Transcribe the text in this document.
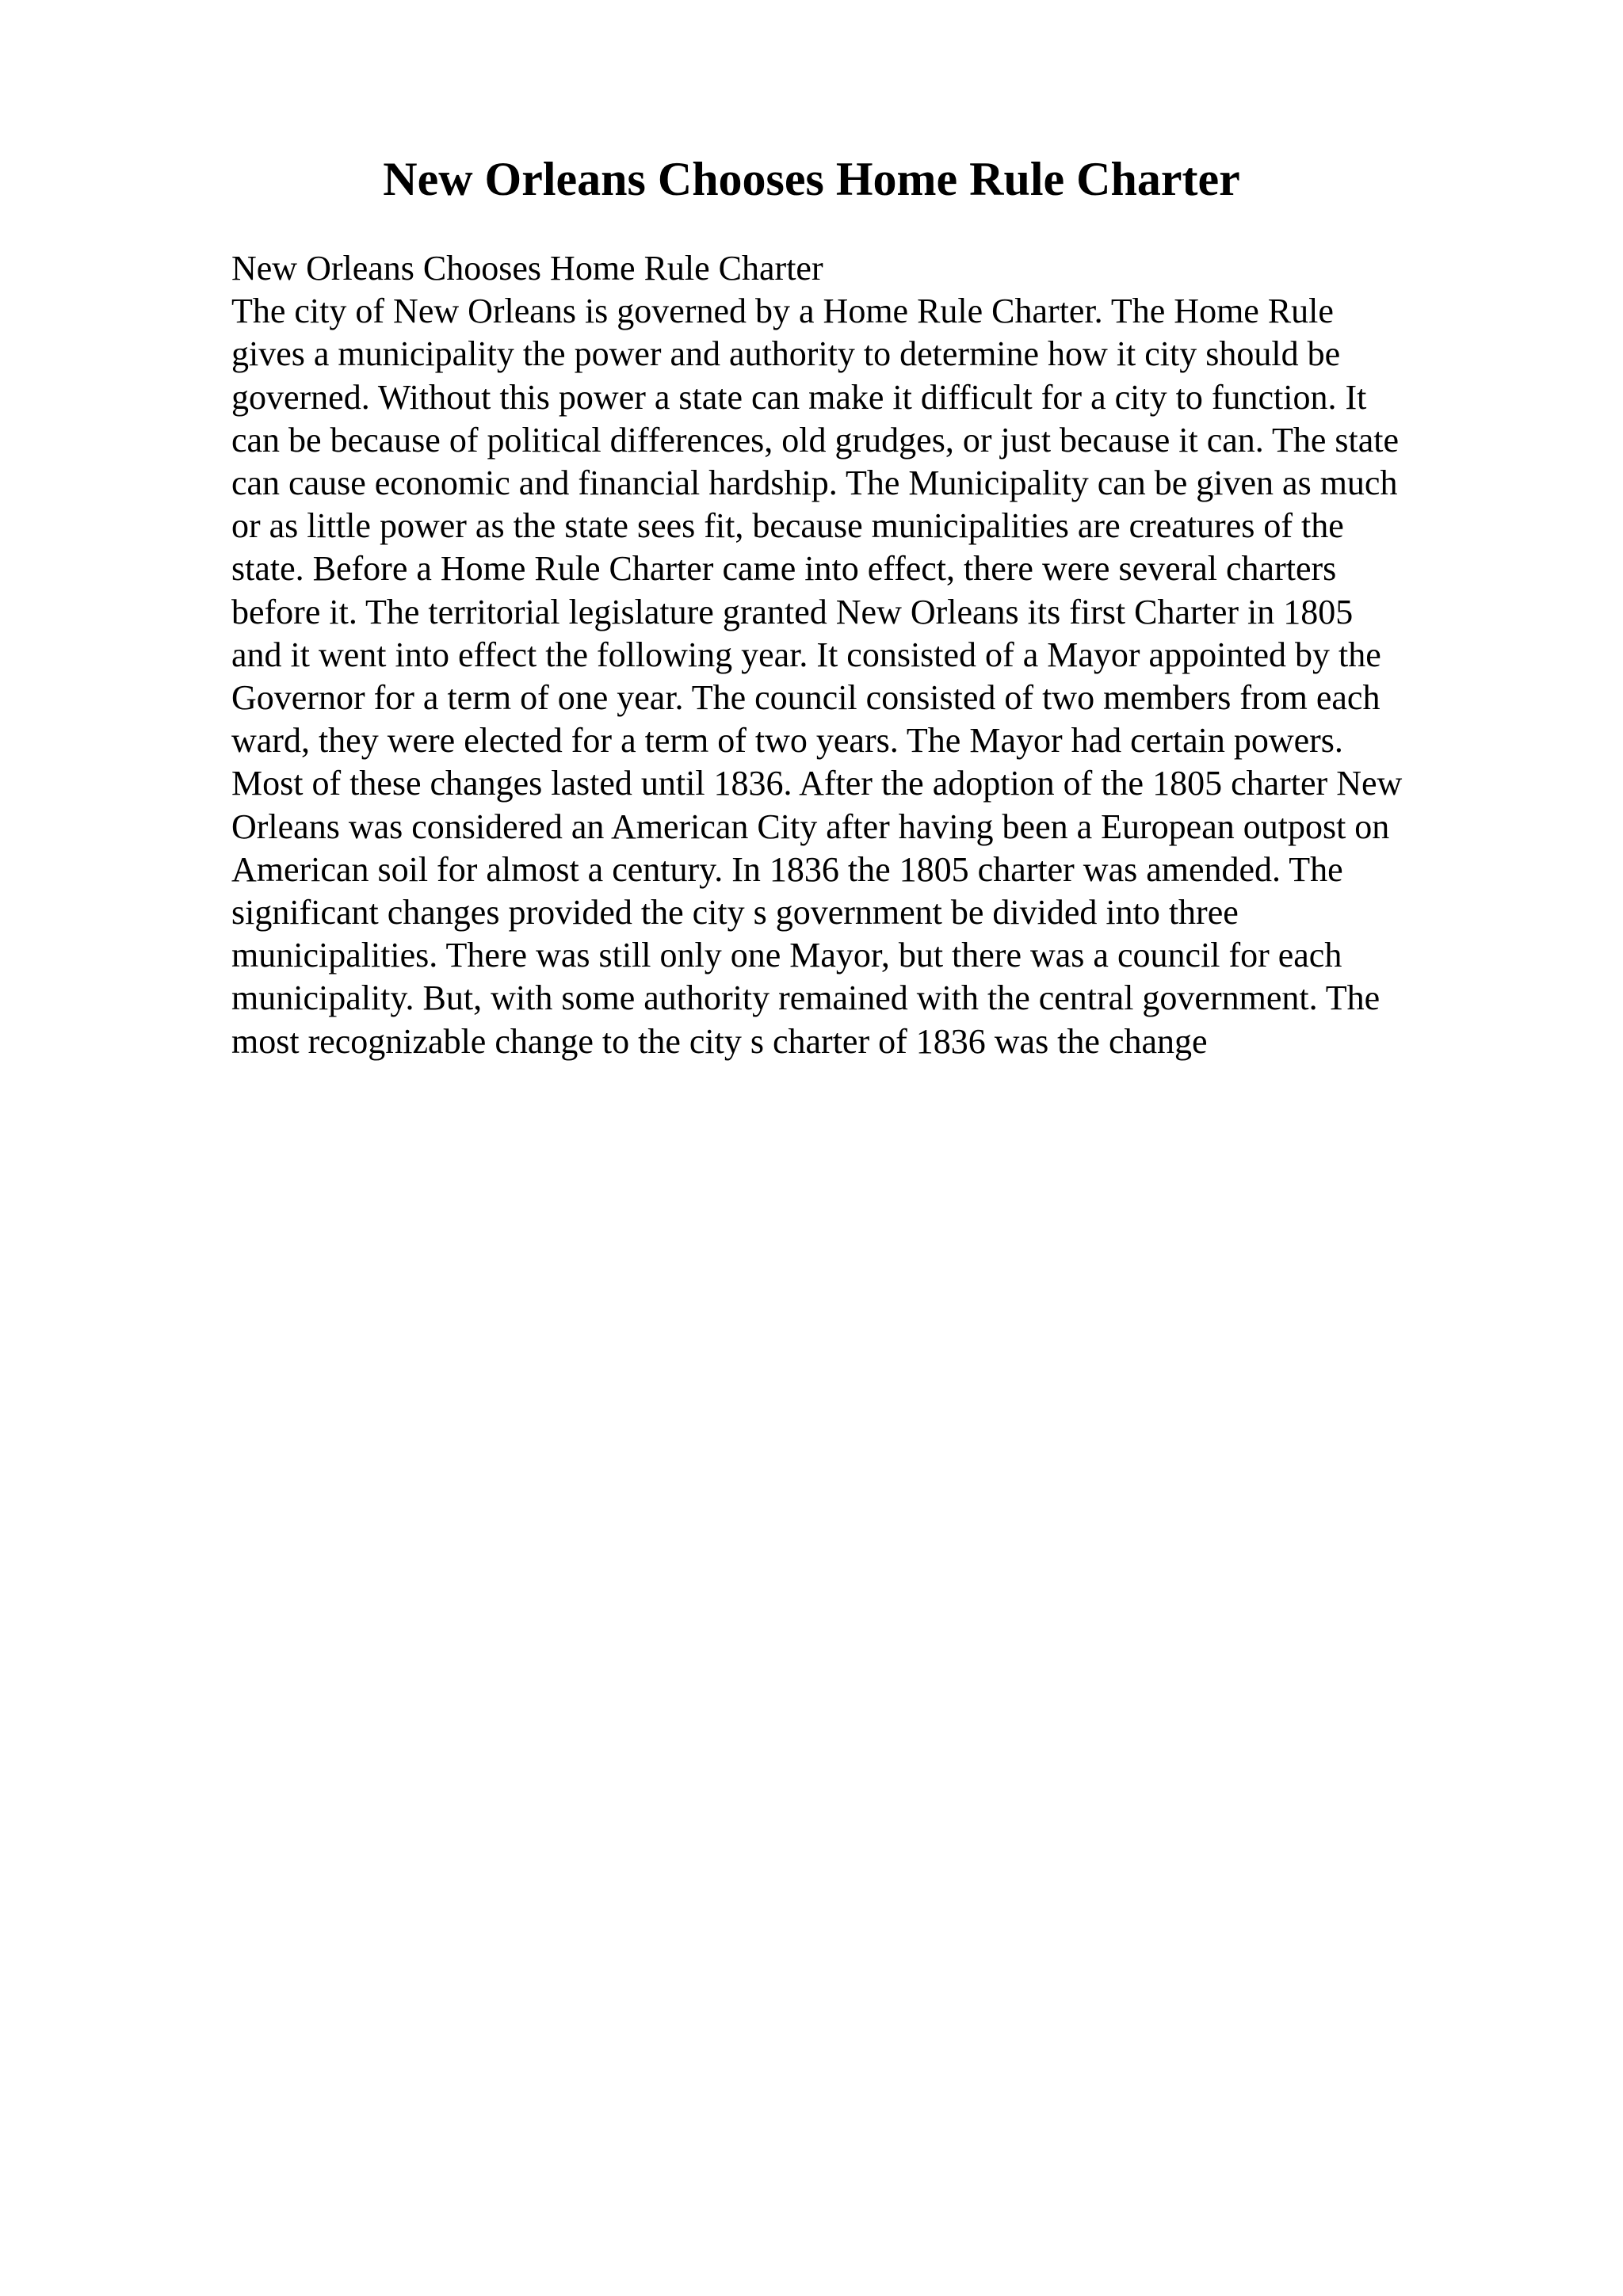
New Orleans Chooses Home Rule Charter
New Orleans Chooses Home Rule Charter
The city of New Orleans is governed by a Home Rule Charter. The Home Rule
gives a municipality the power and authority to determine how it city should be
governed. Without this power a state can make it difficult for a city to function. It
can be because of political differences, old grudges, or just because it can. The state
can cause economic and financial hardship. The Municipality can be given as much
or as little power as the state sees fit, because municipalities are creatures of the
state. Before a Home Rule Charter came into effect, there were several charters
before it. The territorial legislature granted New Orleans its first Charter in 1805
and it went into effect the following year. It consisted of a Mayor appointed by the
Governor for a term of one year. The council consisted of two members from each
ward, they were elected for a term of two years. The Mayor had certain powers.
Most of these changes lasted until 1836. After the adoption of the 1805 charter New
Orleans was considered an American City after having been a European outpost on
American soil for almost a century. In 1836 the 1805 charter was amended. The
significant changes provided the city s government be divided into three
municipalities. There was still only one Mayor, but there was a council for each
municipality. But, with some authority remained with the central government. The
most recognizable change to the city s charter of 1836 was the change
